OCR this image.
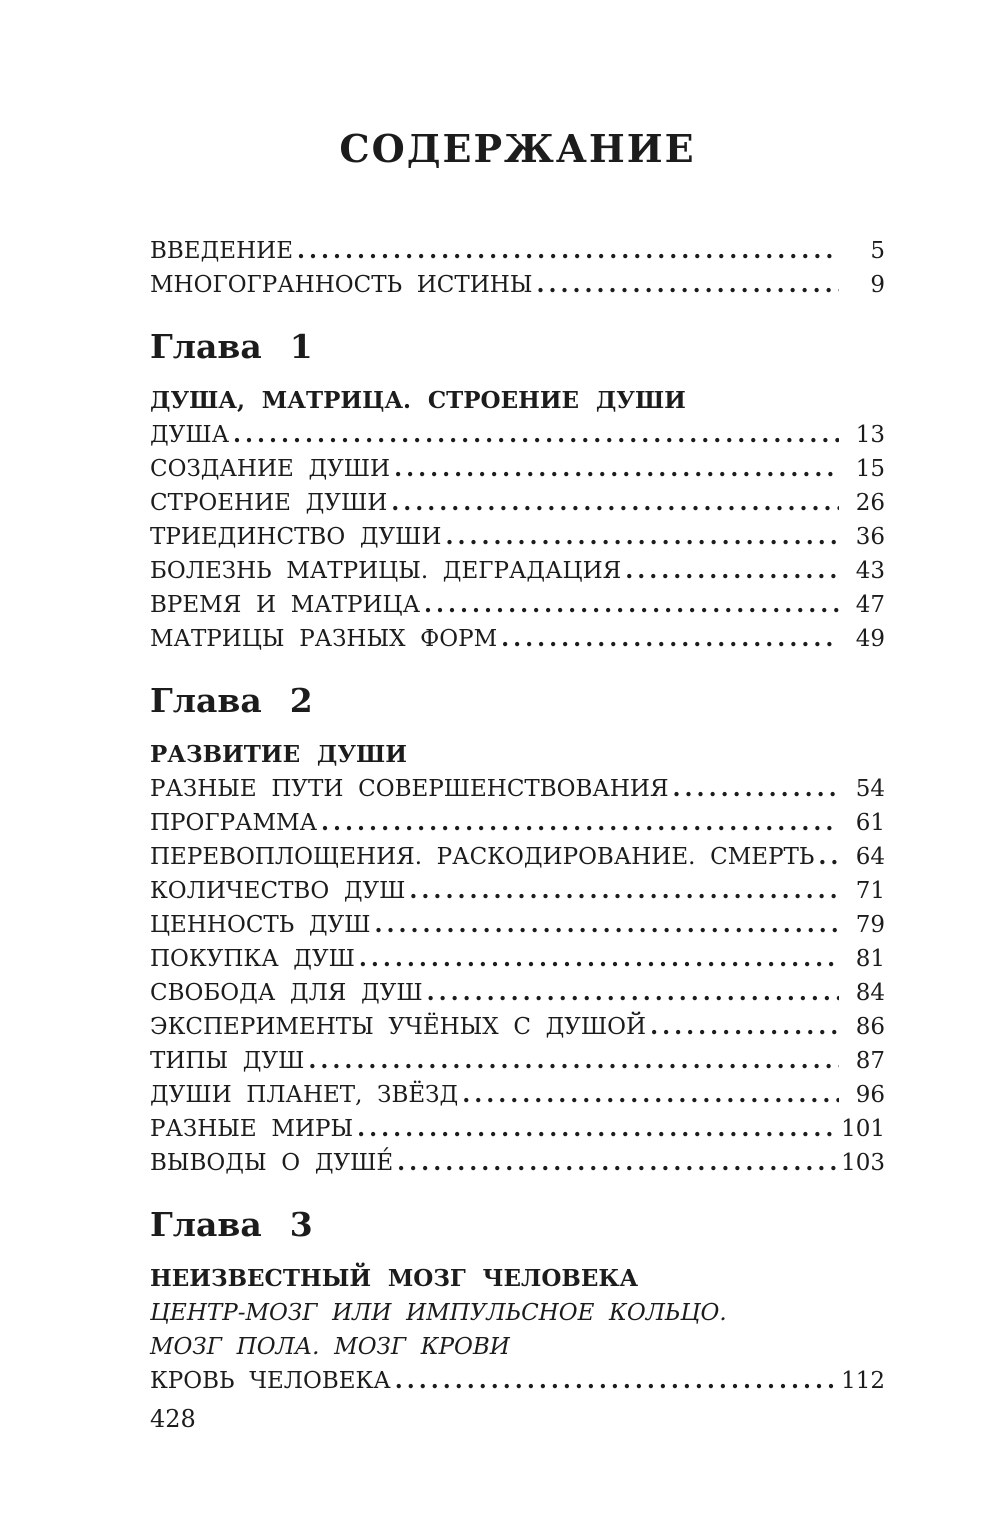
СОДЕРЖАНИЕ
ВВЕДЕНИЕ .....	5
МНОГОГРАННОСТЬ ИСТИНЫ .....	9
Глава 1
ДУША, МАТРИЦА. СТРОЕНИЕ ДУШИ
ДУША .....	13
СОЗДАНИЕ ДУШИ .....	15
СТРОЕНИЕ ДУШИ .....	26
ТРИЕДИНСТВО ДУШИ .....	36
БОЛЕЗНЬ МАТРИЦЫ. ДЕГРАДАЦИЯ .....	43
ВРЕМЯ И МАТРИЦА .....	47
МАТРИЦЫ РАЗНЫХ ФОРМ .....	49
Глава 2
РАЗВИТИЕ ДУШИ
РАЗНЫЕ ПУТИ СОВЕРШЕНСТВОВАНИЯ .....	54
ПРОГРАММА .....	61
ПЕРЕВОПЛОЩЕНИЯ. РАСКОДИРОВАНИЕ. СМЕРТЬ .....	64
КОЛИЧЕСТВО ДУШ .....	71
ЦЕННОСТЬ ДУШ .....	79
ПОКУПКА ДУШ .....	81
СВОБОДА ДЛЯ ДУШ .....	84
ЭКСПЕРИМЕНТЫ УЧЁНЫХ С ДУШОЙ .....	86
ТИПЫ ДУШ .....	87
ДУШИ ПЛАНЕТ, ЗВЁЗД .....	96
РАЗНЫЕ МИРЫ .....	101
ВЫВОДЫ О ДУШЕ́ .....	103
Глава 3
НЕИЗВЕСТНЫЙ МОЗГ ЧЕЛОВЕКА
ЦЕНТР-МОЗГ ИЛИ ИМПУЛЬСНОЕ КОЛЬЦО.
МОЗГ ПОЛА. МОЗГ КРОВИ
КРОВЬ ЧЕЛОВЕКА .....	112
428
